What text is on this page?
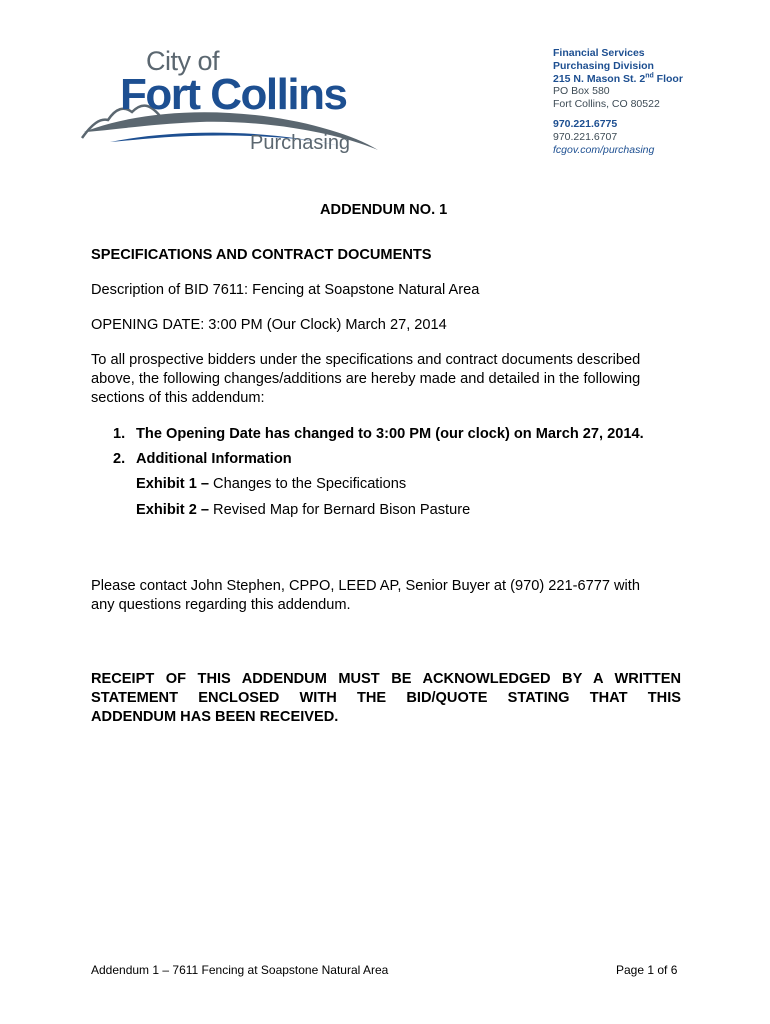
City of
Fort Collins
Purchasing
Financial Services
Purchasing Division
215 N. Mason St. 2nd Floor
PO Box 580
Fort Collins, CO 80522
970.221.6775
970.221.6707
fcgov.com/purchasing
ADDENDUM NO. 1
SPECIFICATIONS AND CONTRACT DOCUMENTS
Description of BID 7611: Fencing at Soapstone Natural Area
OPENING DATE: 3:00 PM (Our Clock) March 27, 2014
To all prospective bidders under the specifications and contract documents described
above, the following changes/additions are hereby made and detailed in the following
sections of this addendum:
1. The Opening Date has changed to 3:00 PM (our clock) on March 27, 2014.
2. Additional Information
Exhibit 1 – Changes to the Specifications
Exhibit 2 – Revised Map for Bernard Bison Pasture
Please contact John Stephen, CPPO, LEED AP, Senior Buyer at (970) 221-6777 with
any questions regarding this addendum.
RECEIPT OF THIS ADDENDUM MUST BE ACKNOWLEDGED BY A WRITTEN
STATEMENT ENCLOSED WITH THE BID/QUOTE STATING THAT THIS
ADDENDUM HAS BEEN RECEIVED.
Addendum 1 – 7611 Fencing at Soapstone Natural Area	Page 1 of 6
